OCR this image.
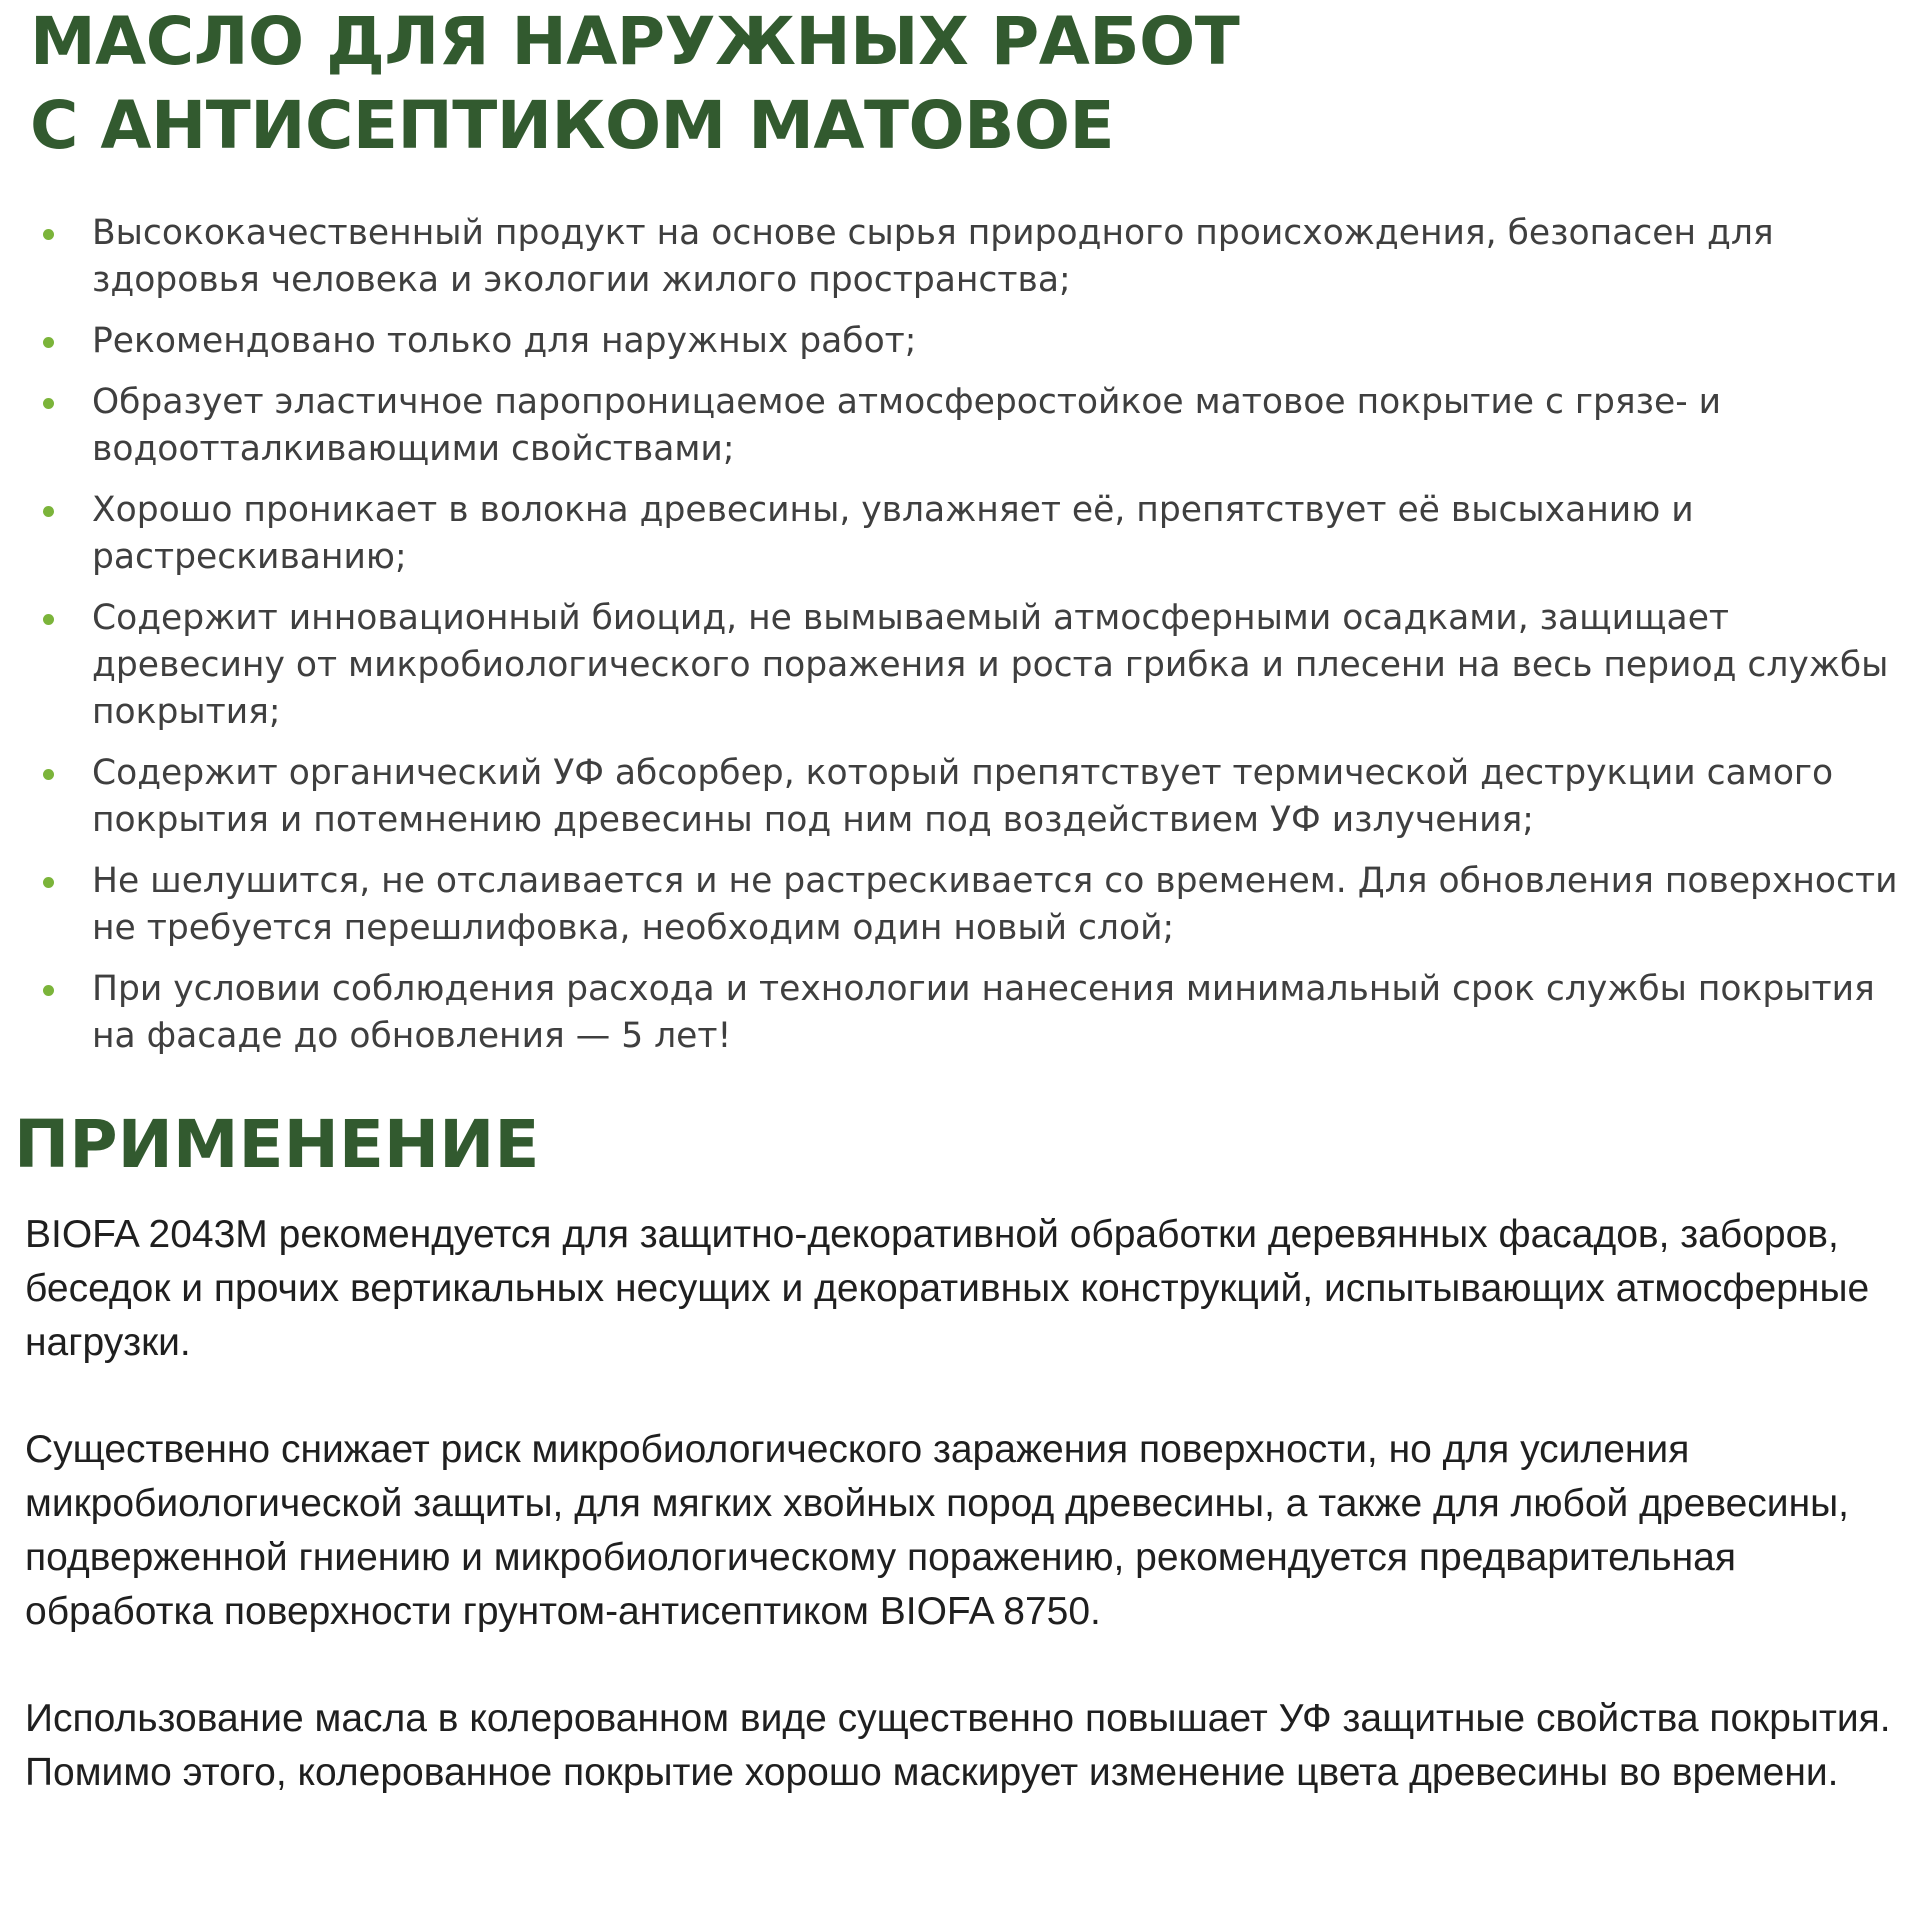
МАСЛО ДЛЯ НАРУЖНЫХ РАБОТ
С АНТИСЕПТИКОМ МАТОВОЕ
Высококачественный продукт на основе сырья природного происхождения, безопасен для здоровья человека и экологии жилого пространства;
Рекомендовано только для наружных работ;
Образует эластичное паропроницаемое атмосферостойкое матовое покрытие с грязе- и водоотталкивающими свойствами;
Хорошо проникает в волокна древесины, увлажняет её, препятствует её высыханию и растрескиванию;
Содержит инновационный биоцид, не вымываемый атмосферными осадками, защищает древесину от микробиологического поражения и роста грибка и плесени на весь период службы покрытия;
Содержит органический УФ абсорбер, который препятствует термической деструкции самого покрытия и потемнению древесины под ним под воздействием УФ излучения;
Не шелушится, не отслаивается и не растрескивается со временем. Для обновления поверхности не требуется перешлифовка, необходим один новый слой;
При условии соблюдения расхода и технологии нанесения минимальный срок службы покрытия на фасаде до обновления — 5 лет!
ПРИМЕНЕНИЕ

BIOFA 2043M рекомендуется для защитно-декоративной обработки деревянных фасадов, заборов, беседок и прочих вертикальных несущих и декоративных конструкций, испытывающих атмосферные нагрузки.

Существенно снижает риск микробиологического заражения поверхности, но для усиления микробиологической защиты, для мягких хвойных пород древесины, а также для любой древесины, подверженной гниению и микробиологическому поражению, рекомендуется предварительная обработка поверхности грунтом-антисептиком BIOFA 8750.

Использование масла в колерованном виде существенно повышает УФ защитные свойства покрытия. Помимо этого, колерованное покрытие хорошо маскирует изменение цвета древесины во времени.
